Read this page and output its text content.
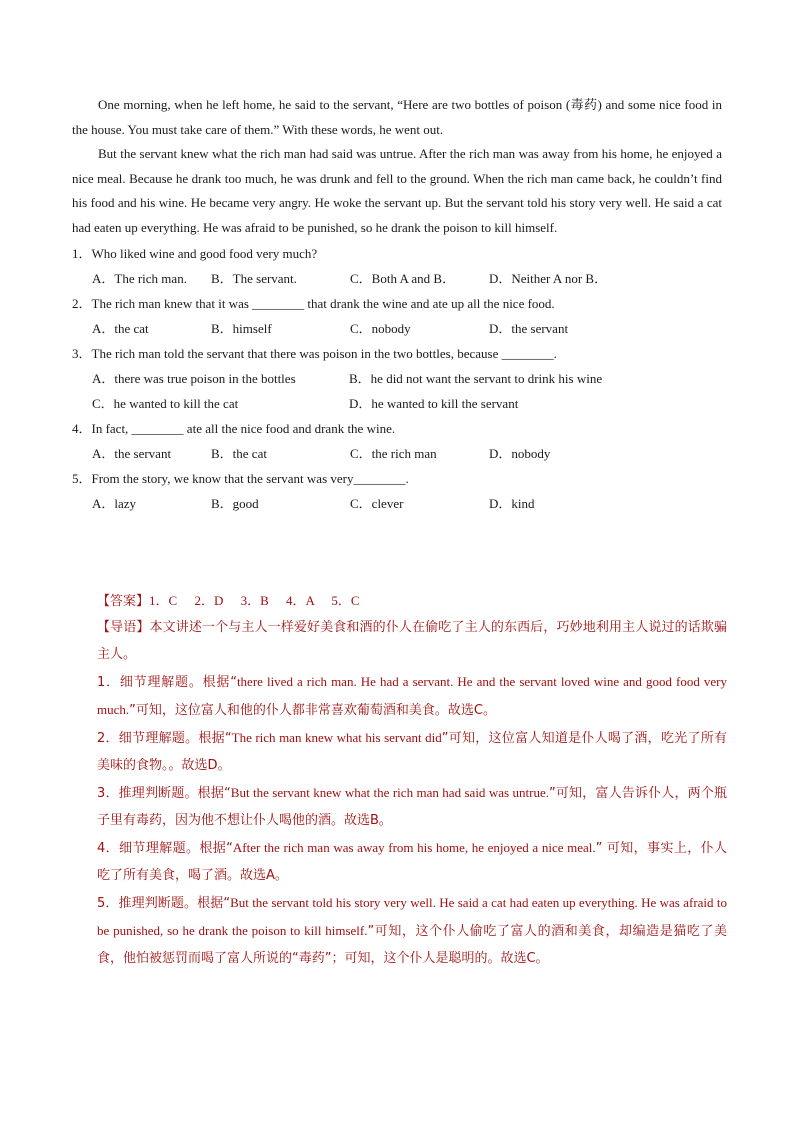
One morning, when he left home, he said to the servant, “Here are two bottles of poison (毒药) and some nice food in the house. You must take care of them.” With these words, he went out.

But the servant knew what the rich man had said was untrue. After the rich man was away from his home, he enjoyed a nice meal. Because he drank too much, he was drunk and fell to the ground. When the rich man came back, he couldn’t find his food and his wine. He became very angry. He woke the servant up. But the servant told his story very well. He said a cat had eaten up everything. He was afraid to be punished, so he drank the poison to kill himself.

1．Who liked wine and good food very much?

A．The rich man.	B．The servant.	C．Both A and B．	D．Neither A nor B．

2．The rich man knew that it was ________ that drank the wine and ate up all the nice food.

A．the cat	B．himself	C．nobody	D．the servant

3．The rich man told the servant that there was poison in the two bottles, because ________.

A．there was true poison in the bottles	B．he did not want the servant to drink his wine
C．he wanted to kill the cat	D．he wanted to kill the servant

4．In fact, ________ ate all the nice food and drank the wine.

A．the servant	B．the cat	C．the rich man	D．nobody

5．From the story, we know that the servant was very________.

A．lazy	B．good	C．clever	D．kind

【答案】1．C 2．D 3．B 4．A 5．C

【导语】本文讲述一个与主人一样爱好美食和酒的仆人在偷吃了主人的东西后，巧妙地利用主人说过的话欺骗主人。

1．细节理解题。根据“there lived a rich man. He had a servant. He and the servant loved wine and good food very much.”可知，这位富人和他的仆人都非常喜欢葡萄酒和美食。故选C。

2．细节理解题。根据“The rich man knew what his servant did”可知，这位富人知道是仆人喝了酒，吃光了所有美味的食物。。故选D。

3．推理判断题。根据“But the servant knew what the rich man had said was untrue.”可知，富人告诉仆人，两个瓶子里有毒药，因为他不想让仆人喝他的酒。故选B。

4．细节理解题。根据“After the rich man was away from his home, he enjoyed a nice meal.” 可知，事实上，仆人吃了所有美食，喝了酒。故选A。

5．推理判断题。根据“But the servant told his story very well. He said a cat had eaten up everything. He was afraid to be punished, so he drank the poison to kill himself.”可知，这个仆人偷吃了富人的酒和美食，却编造是猫吃了美食，他怕被惩罚而喝了富人所说的“毒药”；可知，这个仆人是聪明的。故选C。
